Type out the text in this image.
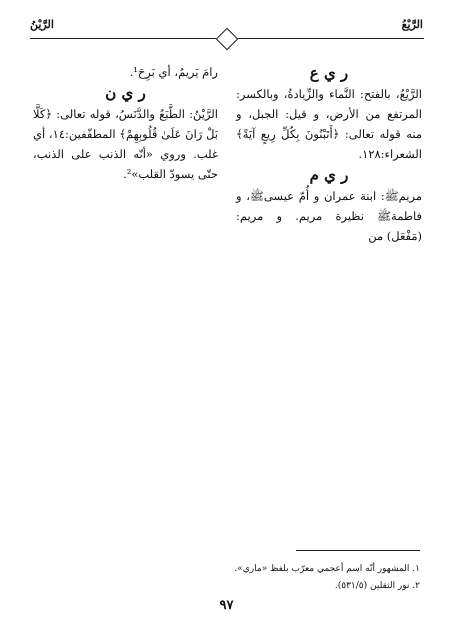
الرَّيْعُ
الرَّيْنُ
ر ي ع

الرَّيْعُ، بالفتح: النَّماء والزِّيادةُ، وبالكسر: المرتفع من الأرض، و قيل: الجبل، و منه قوله تعالى: ﴿أَتَبْنُونَ بِكُلِّ رِيعٍ آيَةً﴾ الشعراء:١٢٨.

ر ي م

مريمﷺ: ابنة عمران و أُمّ عيسىﷺ، و فاطمةﷺ نظيرة مريم. و مريم: (مَفْعَل) من

رامَ يَريمُ، أي بَرِحَ¹.

ر ي ن

الرَّيْنُ: الطَّبَعُ والدَّنَسُ، قوله تعالى: ﴿كَلَّا بَلْ رَانَ عَلَىٰ قُلُوبِهِمْ﴾ المطفّفين:١٤، أي غلب. وروي «أنّه الذنب على الذنب، حتّى يسودّ القلب»².

١. المشهور أنّه اسم أعجمي معرّب بلفظ «ماري».
٢. نور الثقلين (٥٣١/٥).
٩٧
